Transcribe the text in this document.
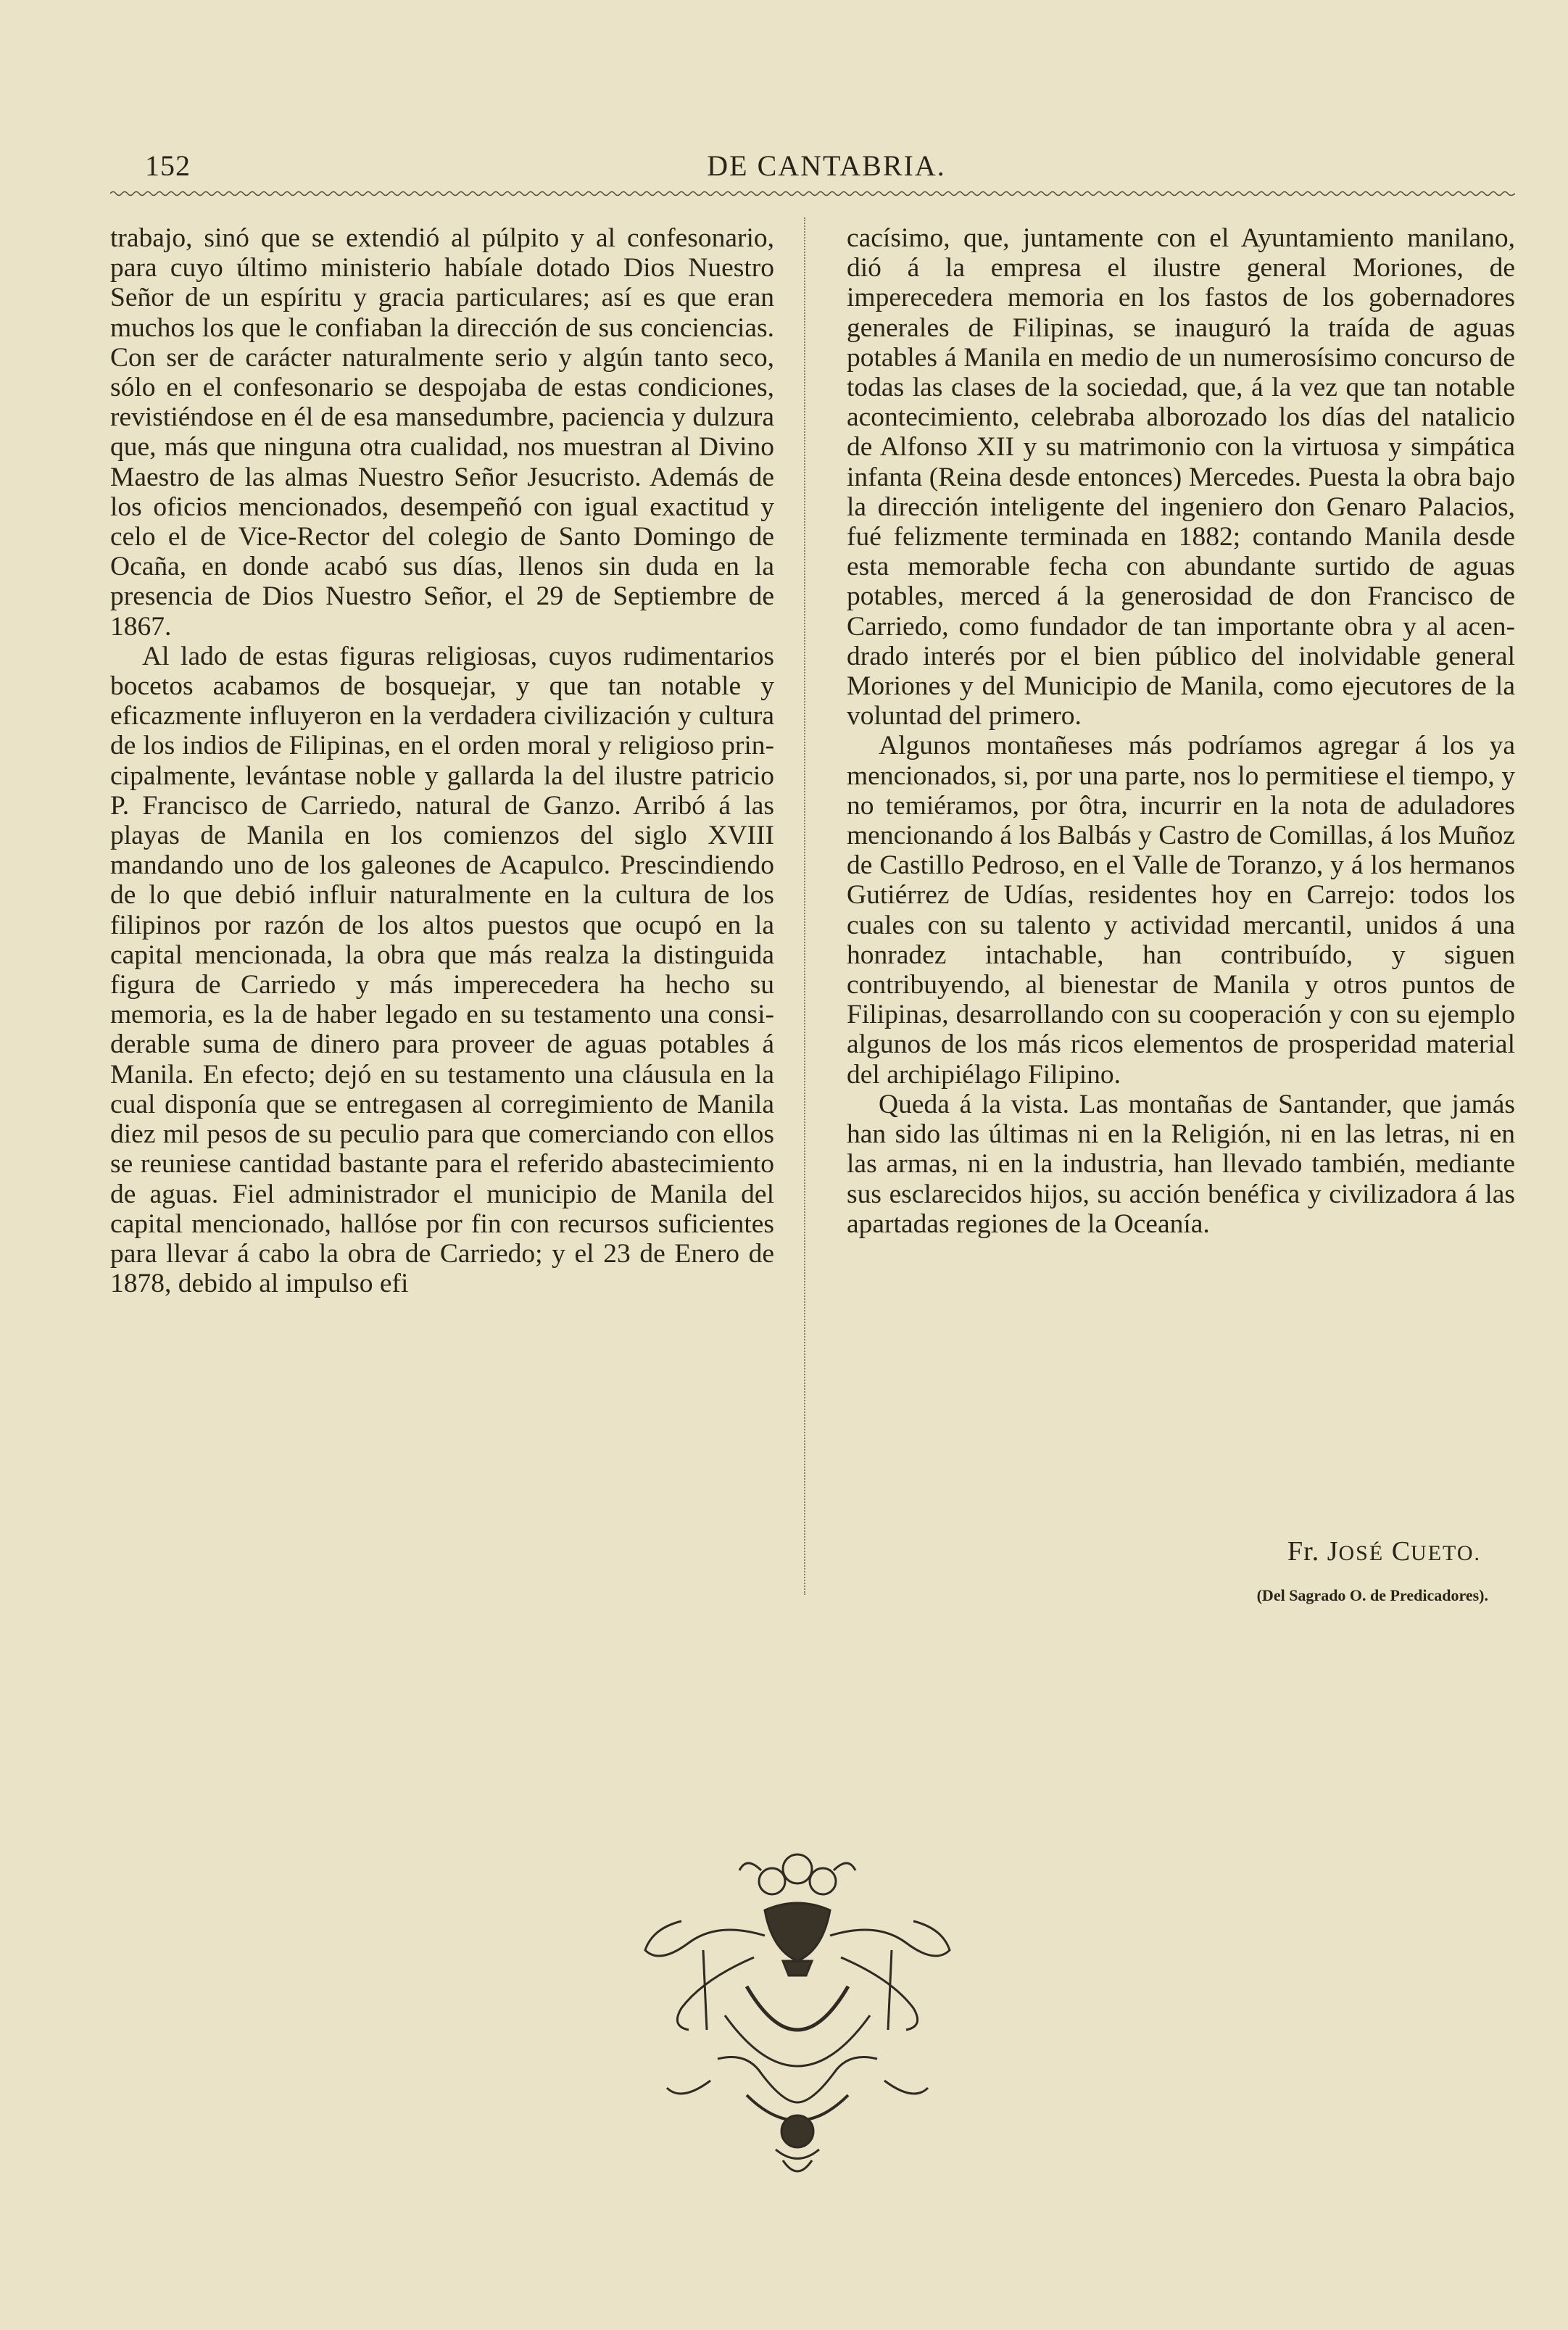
152	DE CANTABRIA.

trabajo, sinó que se extendió al púlpito y al confesonario, para cuyo último ministerio habíale dotado Dios Nuestro Señor de un espíritu y gracia particulares; así es que eran muchos los que le confiaban la dirección de sus conciencias. Con ser de carácter naturalmente serio y algún tanto seco, sólo en el confesonario se despojaba de estas condiciones, revistiéndose en él de esa mansedumbre, paciencia y dulzura que, más que ninguna otra cualidad, nos muestran al Divino Maestro de las almas Nuestro Señor Jesucristo. Además de los oficios mencionados, desempeñó con igual exactitud y celo el de Vice-Rector del colegio de Santo Domingo de Ocaña, en donde acabó sus días, llenos sin duda en la presencia de Dios Nuestro Señor, el 29 de Septiembre de 1867.

Al lado de estas figuras religiosas, cuyos rudimentarios bocetos acabamos de bosquejar, y que tan notable y eficazmente influyeron en la verdadera civilización y cultura de los indios de Filipinas, en el orden moral y religioso principalmente, levántase noble y gallarda la del ilustre patricio P. Francisco de Carriedo, natural de Ganzo. Arribó á las playas de Manila en los comienzos del siglo XVIII mandando uno de los galeones de Acapulco. Prescindiendo de lo que debió influir naturalmente en la cultura de los filipinos por razón de los altos puestos que ocupó en la capital mencionada, la obra que más realza la distinguida figura de Carriedo y más imperecedera ha hecho su memoria, es la de haber legado en su testamento una considerable suma de dinero para proveer de aguas potables á Manila. En efecto; dejó en su testamento una cláusula en la cual disponía que se entregasen al corregimiento de Manila diez mil pesos de su peculio para que comerciando con ellos se reuniese cantidad bastante para el referido abastecimiento de aguas. Fiel administrador el municipio de Manila del capital mencionado, hallóse por fin con recursos suficientes para llevar á cabo la obra de Carriedo; y el 23 de Enero de 1878, debido al impulso efi

cacísimo, que, juntamente con el Ayuntamiento manilano, dió á la empresa el ilustre general Moriones, de imperecedera memoria en los fastos de los gobernadores generales de Filipinas, se inauguró la traída de aguas potables á Manila en medio de un numerosísimo concurso de todas las clases de la sociedad, que, á la vez que tan notable acontecimiento, celebraba alborozado los días del natalicio de Alfonso XII y su matrimonio con la virtuosa y simpática infanta (Reina desde entonces) Mercedes. Puesta la obra bajo la dirección inteligente del ingeniero don Genaro Palacios, fué felizmente terminada en 1882; contando Manila desde esta memorable fecha con abundante surtido de aguas potables, merced á la generosidad de don Francisco de Carriedo, como fundador de tan importante obra y al acendrado interés por el bien público del inolvidable general Moriones y del Municipio de Manila, como ejecutores de la voluntad del primero.

Algunos montañeses más podríamos agregar á los ya mencionados, si, por una parte, nos lo permitiese el tiempo, y no temiéramos, por ôtra, incurrir en la nota de aduladores mencionando á los Balbás y Castro de Comillas, á los Muñoz de Castillo Pedroso, en el Valle de Toranzo, y á los hermanos Gutiérrez de Udías, residentes hoy en Carrejo: todos los cuales con su talento y actividad mercantil, unidos á una honradez intachable, han contribuído, y siguen contribuyendo, al bienestar de Manila y otros puntos de Filipinas, desarrollando con su cooperación y con su ejemplo algunos de los más ricos elementos de prosperidad material del archipiélago Filipino.

Queda á la vista. Las montañas de Santander, que jamás han sido las últimas ni en la Religión, ni en las letras, ni en las armas, ni en la industria, han llevado también, mediante sus esclarecidos hijos, su acción benéfica y civilizadora á las apartadas regiones de la Oceanía.

Fr. JOSÉ CUETO.
(Del Sagrado O. de Predicadores).
